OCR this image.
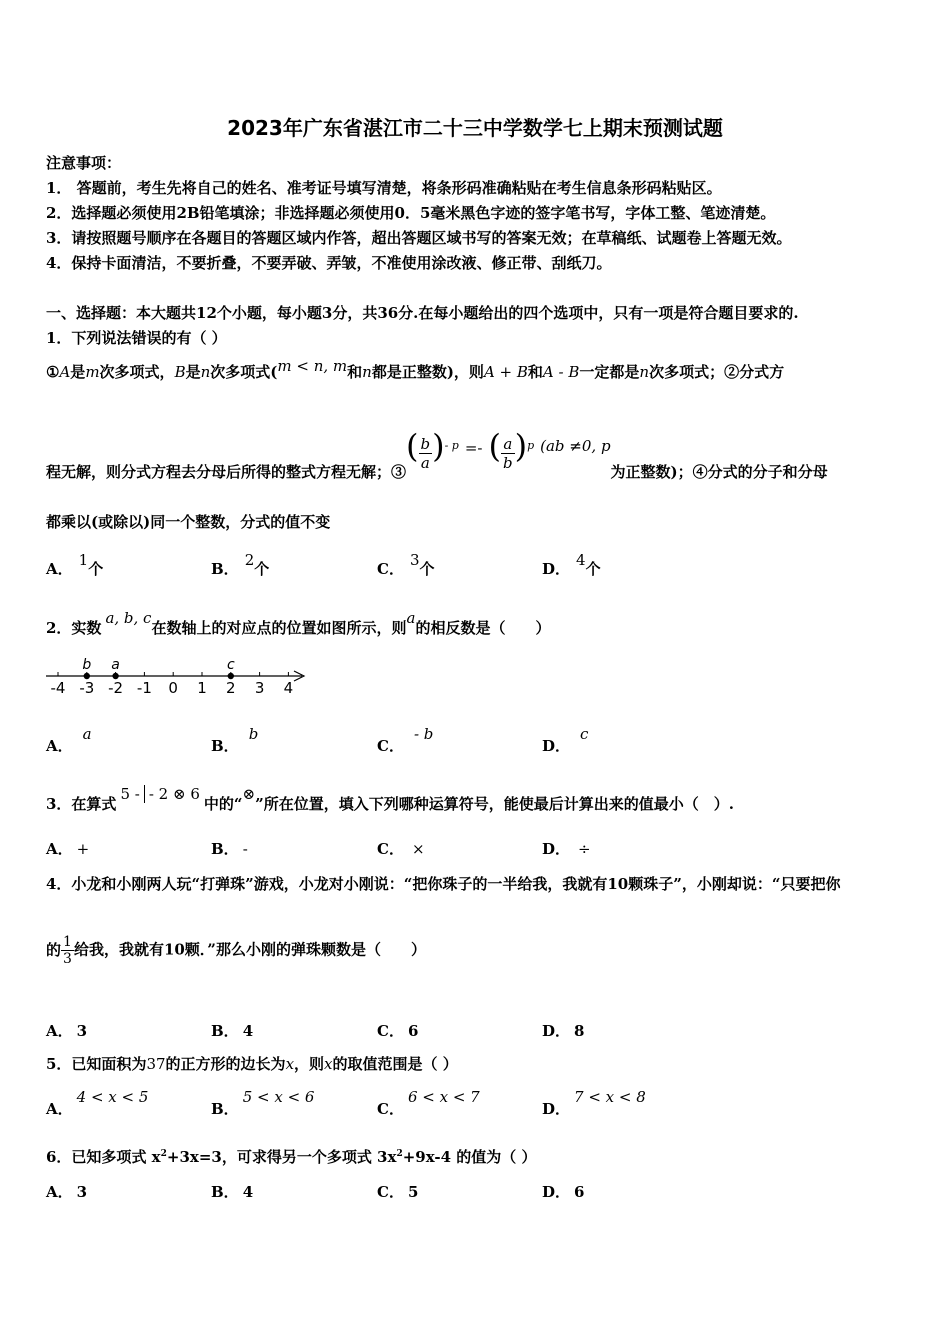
2023年广东省湛江市二十三中学数学七上期末预测试题
注意事项：
1． 答题前，考生先将自己的姓名、准考证号填写清楚，将条形码准确粘贴在考生信息条形码粘贴区。
2．选择题必须使用2B铅笔填涂；非选择题必须使用0．5毫米黑色字迹的签字笔书写，字体工整、笔迹清楚。
3．请按照题号顺序在各题目的答题区域内作答，超出答题区域书写的答案无效；在草稿纸、试题卷上答题无效。
4．保持卡面清洁，不要折叠，不要弄破、弄皱，不准使用涂改液、修正带、刮纸刀。
一、选择题：本大题共12个小题，每小题3分，共36分.在每小题给出的四个选项中，只有一项是符合题目要求的.
1．下列说法错误的有（ ）
①A是m次多项式，B是n次多项式(m < n, m和n都是正整数)，则A + B和A - B一定都是n次多项式；②分式方
程无解，则分式方程去分母后所得的整式方程无解；③( $\frac{b}{a} )^{- p}$ =- ( $\frac{a}{b} )^p$ (ab ≠0, p为正整数)；④分式的分子和分母
都乘以(或除以)同一个整数，分式的值不变
A． 1个	B． 2个	C． 3个	D． 4个
2．实数a, b, c在数轴上的对应点的位置如图所示，则a的相反数是（　　）
-4 -3 -2 -1 0 1 2 3 4
b a	c
A．a
B．b
C．- b
D．c
3．在算式5 - - 2 ⊗ 6中的“⊗”所在位置，填入下列哪种运算符号，能使最后计算出来的值最小（　）.
A． +	B． -	C． ×	D． ÷
4．小龙和小刚两人玩“打弹珠”游戏，小龙对小刚说：“把你珠子的一半给我，我就有10颗珠子”，小刚却说：“只要把你
的 $\frac{1}{3}$ 给我，我就有10颗．”那么小刚的弹珠颗数是（　　）
A． 3	B． 4	C． 6	D． 8
5．已知面积为37的正方形的边长为x，则x的取值范围是（ ）
A．4 < x < 5
B．5 < x < 6
C．6 < x < 7
D．7 < x < 8
6．已知多项式 $x^2+3x=3$，可求得另一个多项式 $3x^2+9x-4$ 的值为（ ）
A． 3	B． 4	C． 5	D． 6
